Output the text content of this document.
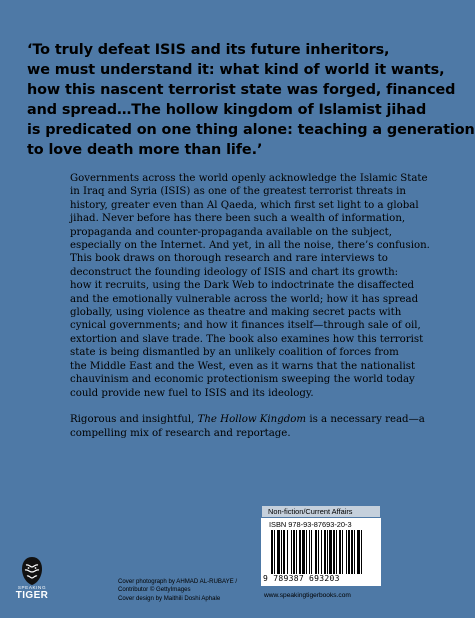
‘To truly defeat ISIS and its future inheritors,
we must understand it: what kind of world it wants,
how this nascent terrorist state was forged, financed
and spread…The hollow kingdom of Islamist jihad
is predicated on one thing alone: teaching a generation
to love death more than life.’
Governments across the world openly acknowledge the Islamic State
in Iraq and Syria (ISIS) as one of the greatest terrorist threats in
history, greater even than Al Qaeda, which first set light to a global
jihad. Never before has there been such a wealth of information,
propaganda and counter-propaganda available on the subject,
especially on the Internet. And yet, in all the noise, there’s confusion.
This book draws on thorough research and rare interviews to
deconstruct the founding ideology of ISIS and chart its growth:
how it recruits, using the Dark Web to indoctrinate the disaffected
and the emotionally vulnerable across the world; how it has spread
globally, using violence as theatre and making secret pacts with
cynical governments; and how it finances itself—through sale of oil,
extortion and slave trade. The book also examines how this terrorist
state is being dismantled by an unlikely coalition of forces from
the Middle East and the West, even as it warns that the nationalist
chauvinism and economic protectionism sweeping the world today
could provide new fuel to ISIS and its ideology.
Rigorous and insightful, The Hollow Kingdom is a necessary read—a
compelling mix of research and reportage.
Non-fiction/Current Affairs
ISBN 978-93-87693-20-3
9 789387 693203
www.speakingtigerbooks.com
Cover photograph by AHMAD AL-RUBAYE /
Contributor © GettyImages
Cover design by Maithili Doshi Aphale
SPEAKING
TIGER
